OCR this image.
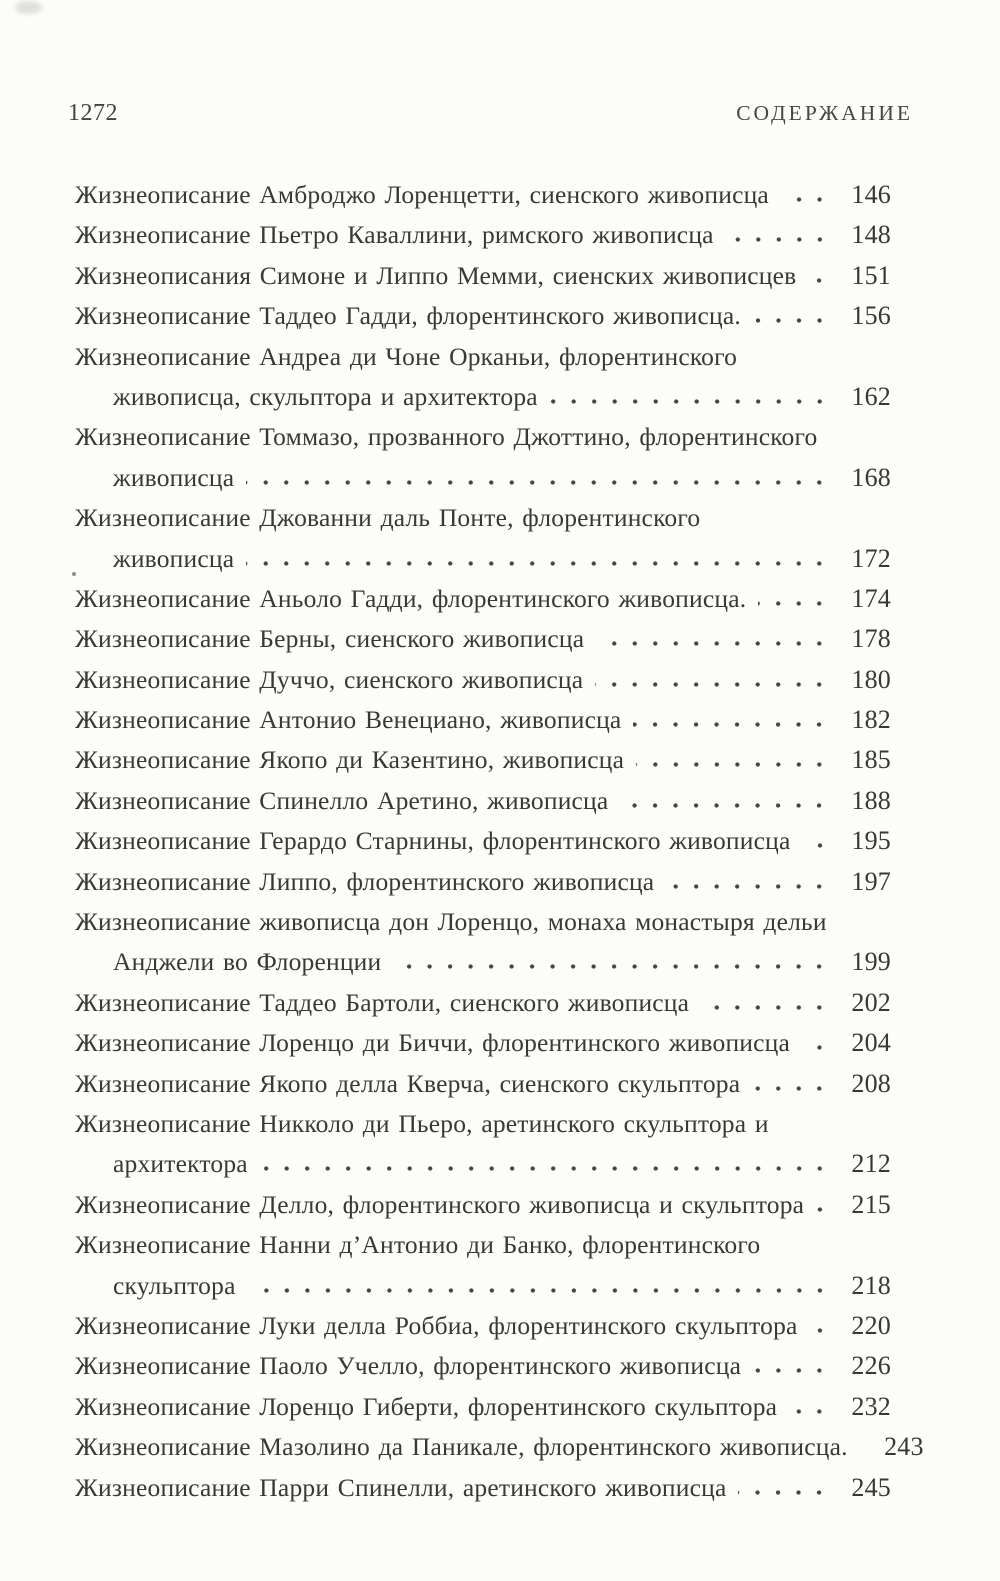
1272	СОДЕРЖАНИЕ
Жизнеописание Амброджо Лоренцетти, сиенского живописца	146
Жизнеописание Пьетро Каваллини, римского живописца	148
Жизнеописания Симоне и Липпо Мемми, сиенских живописцев 151
Жизнеописание Таддео Гадди, флорентинского живописца.	156
Жизнеописание Андреа ди Чоне Орканьи, флорентинского
живописца, скульптора и архитектора	162
Жизнеописание Томмазо, прозванного Джоттино, флорентинского
живописца	168
Жизнеописание Джованни даль Понте, флорентинского
живописца	172
Жизнеописание Аньоло Гадди, флорентинского живописца.	174
Жизнеописание Берны, сиенского живописца	178
Жизнеописание Дуччо, сиенского живописца	180
Жизнеописание Антонио Венециано, живописца	182
Жизнеописание Якопо ди Казентино, живописца	185
Жизнеописание Спинелло Аретино, живописца	188
Жизнеописание Герардо Старнины, флорентинского живописца 195
Жизнеописание Липпо, флорентинского живописца	197
Жизнеописание живописца дон Лоренцо, монаха монастыря дельи
Анджели во Флоренции	199
Жизнеописание Таддео Бартоли, сиенского живописца	202
Жизнеописание Лоренцо ди Биччи, флорентинского живописца 204
Жизнеописание Якопо делла Кверча, сиенского скульптора	208
Жизнеописание Никколо ди Пьеро, аретинского скульптора и
архитектора	212
Жизнеописание Делло, флорентинского живописца и скульптора 215
Жизнеописание Нанни д’Антонио ди Банко, флорентинского
скульптора	218
Жизнеописание Луки делла Роббиа, флорентинского скульптора 220
Жизнеописание Паоло Учелло, флорентинского живописца	226
Жизнеописание Лоренцо Гиберти, флорентинского скульптора	232
Жизнеописание Мазолино да Паникале, флорентинского живописца. 243
Жизнеописание Парри Спинелли, аретинского живописца	245
